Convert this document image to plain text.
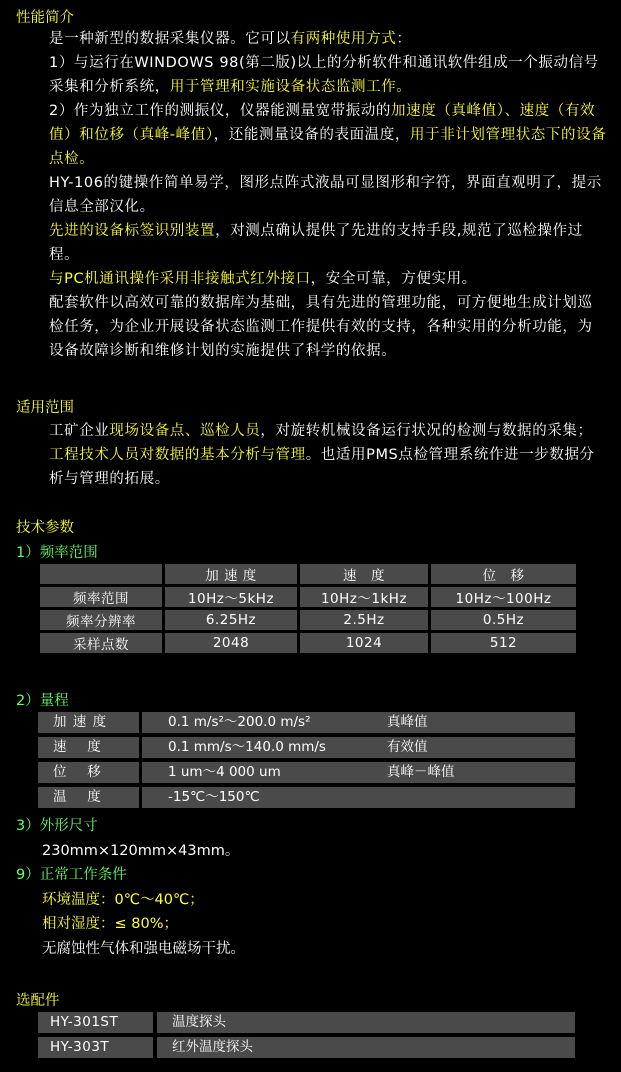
性能简介
是一种新型的数据采集仪器。它可以有两种使用方式：
1）与运行在WINDOWS 98(第二版)以上的分析软件和通讯软件组成一个振动信号采集和分析系统，用于管理和实施设备状态监测工作。
2）作为独立工作的测振仪，仪器能测量宽带振动的加速度（真峰值）、速度（有效值）和位移（真峰-峰值），还能测量设备的表面温度，用于非计划管理状态下的设备点检。
HY-106的键操作简单易学，图形点阵式液晶可显图形和字符，界面直观明了，提示信息全部汉化。
先进的设备标签识别装置，对测点确认提供了先进的支持手段,规范了巡检操作过程。
与PC机通讯操作采用非接触式红外接口，安全可靠，方便实用。
配套软件以高效可靠的数据库为基础，具有先进的管理功能，可方便地生成计划巡检任务，为企业开展设备状态监测工作提供有效的支持，各种实用的分析功能，为设备故障诊断和维修计划的实施提供了科学的依据。
适用范围
工矿企业现场设备点、巡检人员，对旋转机械设备运行状况的检测与数据的采集；工程技术人员对数据的基本分析与管理。也适用PMS点检管理系统作进一步数据分析与管理的拓展。
技术参数
1）频率范围
	加 速 度	速　度	位　移
频率范围	10Hz～5kHz	10Hz～1kHz	10Hz～100Hz
频率分辨率	6.25Hz	2.5Hz	0.5Hz
采样点数	2048	1024	512
2）量程
加 速 度	0.1 m/s²～200.0 m/s²	真峰值
速　 度	0.1 mm/s～140.0 mm/s	有效值
位　 移	1 um～4 000 um	真峰－峰值
温　 度	-15℃～150℃
3）外形尺寸
230mm×120mm×43mm。
9）正常工作条件
环境温度：0℃～40℃；
相对湿度：≤ 80%；
无腐蚀性气体和强电磁场干扰。
选配件
HY-301ST	温度探头
HY-303T	红外温度探头
